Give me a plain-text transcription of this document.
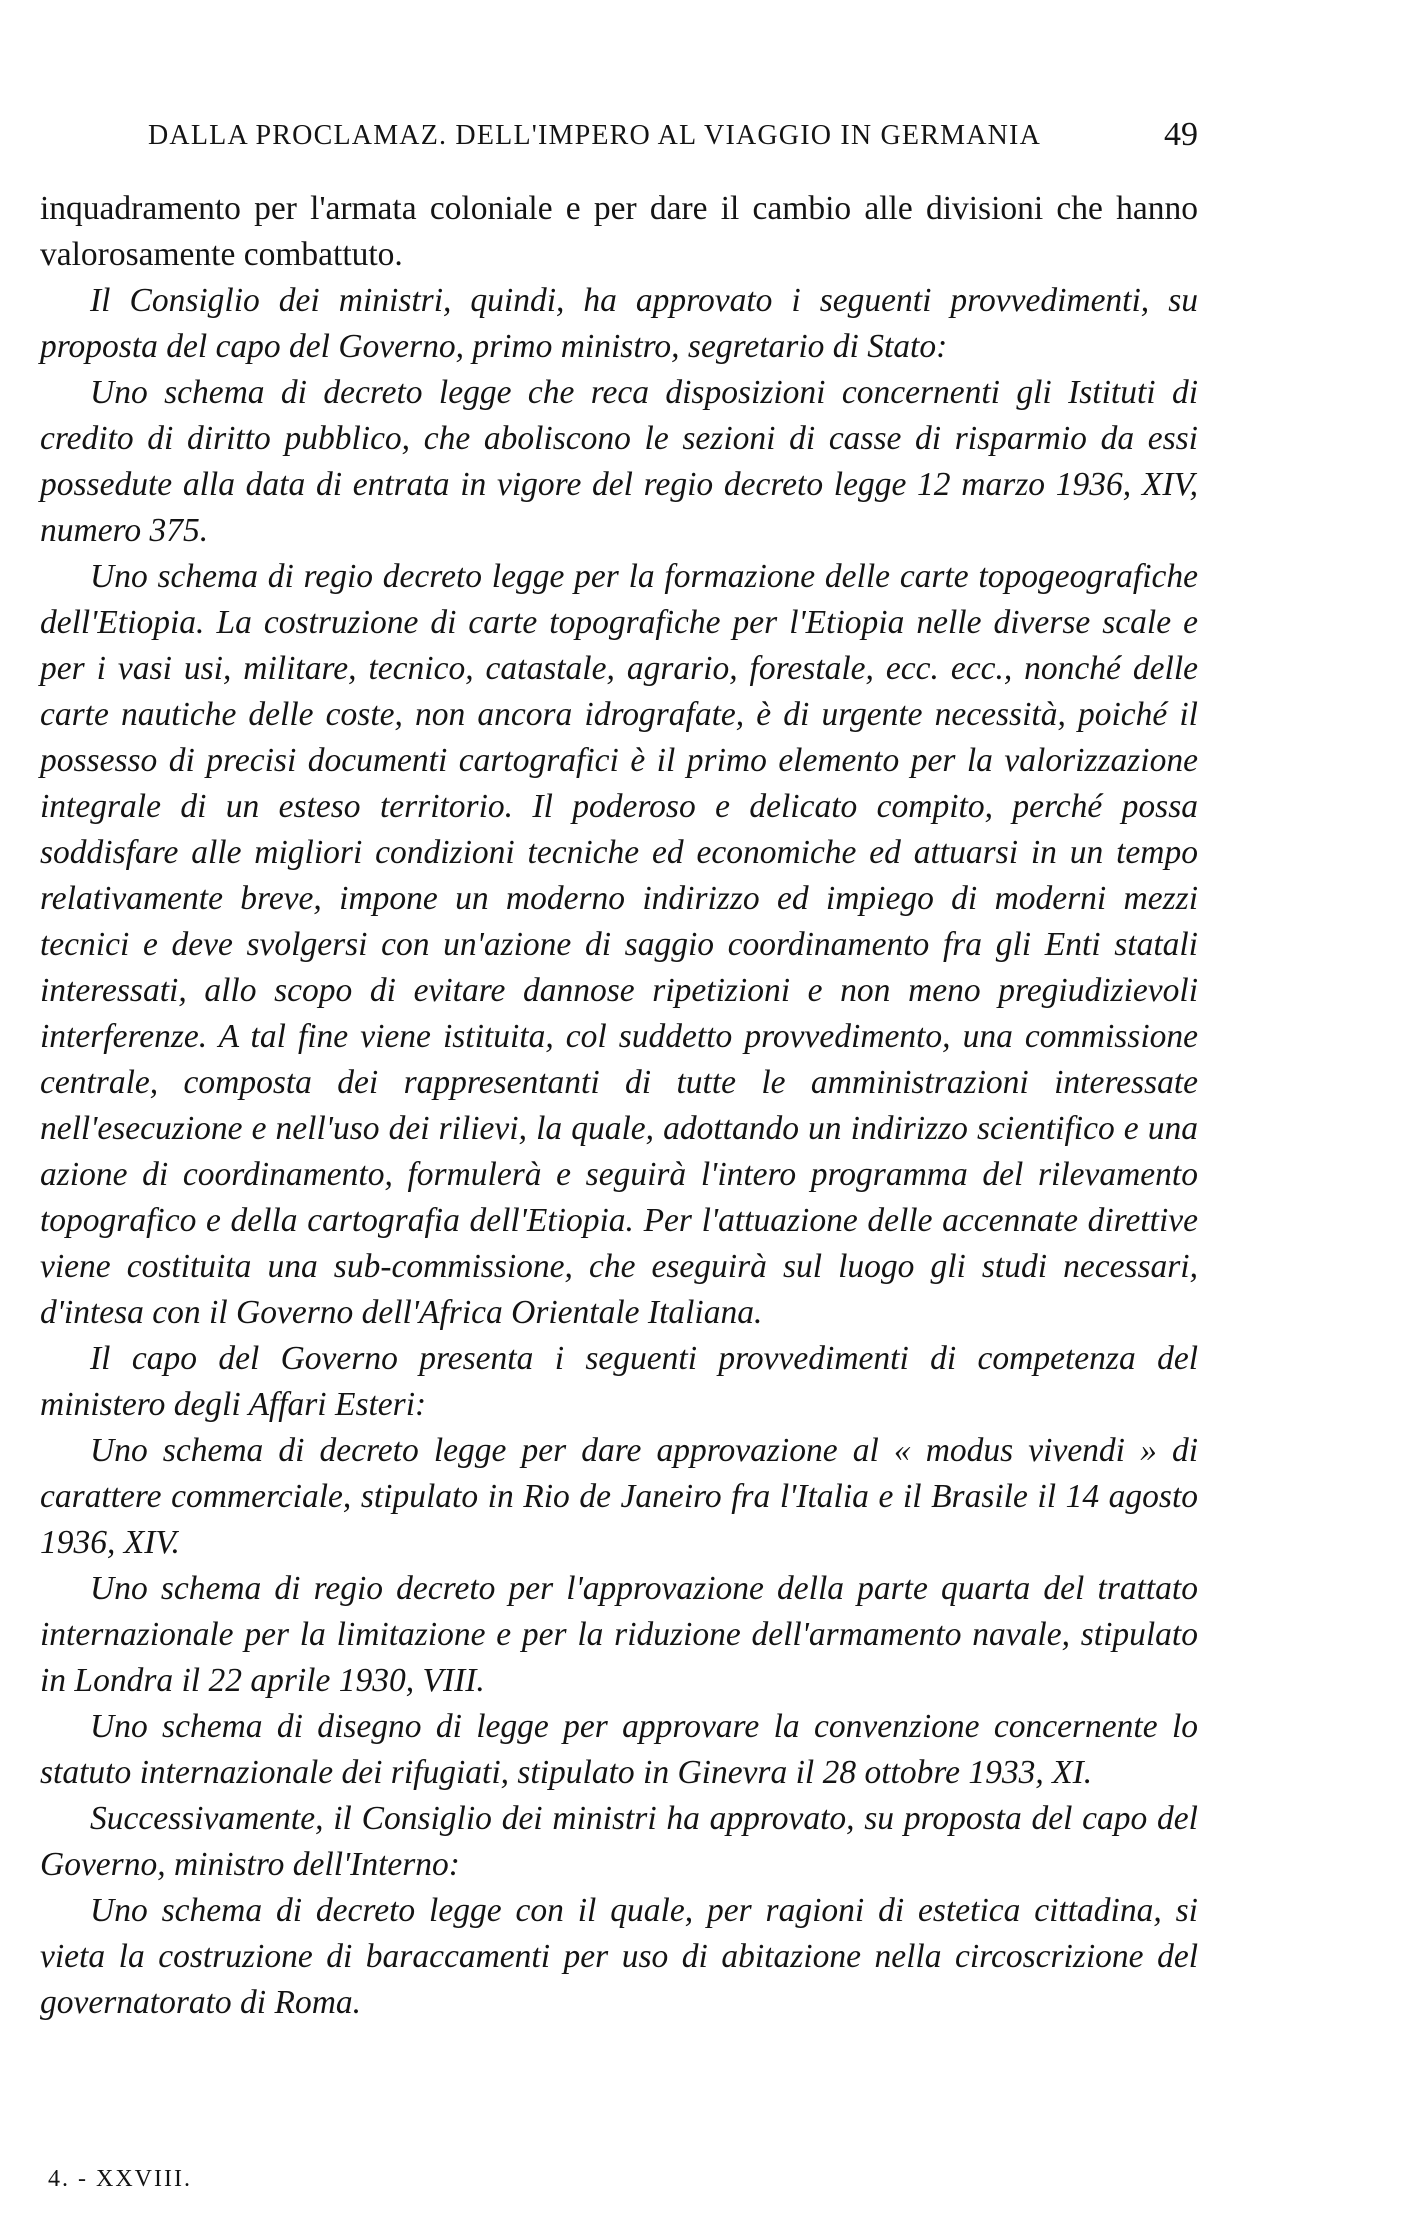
DALLA PROCLAMAZ. DELL'IMPERO AL VIAGGIO IN GERMANIA	49

inquadramento per l'armata coloniale e per dare il cambio alle divisioni che hanno valorosamente combattuto.

Il Consiglio dei ministri, quindi, ha approvato i seguenti provvedimenti, su proposta del capo del Governo, primo ministro, segretario di Stato:

Uno schema di decreto legge che reca disposizioni concernenti gli Istituti di credito di diritto pubblico, che aboliscono le sezioni di casse di risparmio da essi possedute alla data di entrata in vigore del regio decreto legge 12 marzo 1936, XIV, numero 375.

Uno schema di regio decreto legge per la formazione delle carte topogeografiche dell'Etiopia. La costruzione di carte topografiche per l'Etiopia nelle diverse scale e per i vasi usi, militare, tecnico, catastale, agrario, forestale, ecc. ecc., nonché delle carte nautiche delle coste, non ancora idrografate, è di urgente necessità, poiché il possesso di precisi documenti cartografici è il primo elemento per la valorizzazione integrale di un esteso territorio. Il poderoso e delicato compito, perché possa soddisfare alle migliori condizioni tecniche ed economiche ed attuarsi in un tempo relativamente breve, impone un moderno indirizzo ed impiego di moderni mezzi tecnici e deve svolgersi con un'azione di saggio coordinamento fra gli Enti statali interessati, allo scopo di evitare dannose ripetizioni e non meno pregiudizievoli interferenze. A tal fine viene istituita, col suddetto provvedimento, una commissione centrale, composta dei rappresentanti di tutte le amministrazioni interessate nell'esecuzione e nell'uso dei rilievi, la quale, adottando un indirizzo scientifico e una azione di coordinamento, formulerà e seguirà l'intero programma del rilevamento topografico e della cartografia dell'Etiopia. Per l'attuazione delle accennate direttive viene costituita una sub-commissione, che eseguirà sul luogo gli studi necessari, d'intesa con il Governo dell'Africa Orientale Italiana.

Il capo del Governo presenta i seguenti provvedimenti di competenza del ministero degli Affari Esteri:

Uno schema di decreto legge per dare approvazione al « modus vivendi » di carattere commerciale, stipulato in Rio de Janeiro fra l'Italia e il Brasile il 14 agosto 1936, XIV.

Uno schema di regio decreto per l'approvazione della parte quarta del trattato internazionale per la limitazione e per la riduzione dell'armamento navale, stipulato in Londra il 22 aprile 1930, VIII.

Uno schema di disegno di legge per approvare la convenzione concernente lo statuto internazionale dei rifugiati, stipulato in Ginevra il 28 ottobre 1933, XI.

Successivamente, il Consiglio dei ministri ha approvato, su proposta del capo del Governo, ministro dell'Interno:

Uno schema di decreto legge con il quale, per ragioni di estetica cittadina, si vieta la costruzione di baraccamenti per uso di abitazione nella circoscrizione del governatorato di Roma.

4. - XXVIII.
